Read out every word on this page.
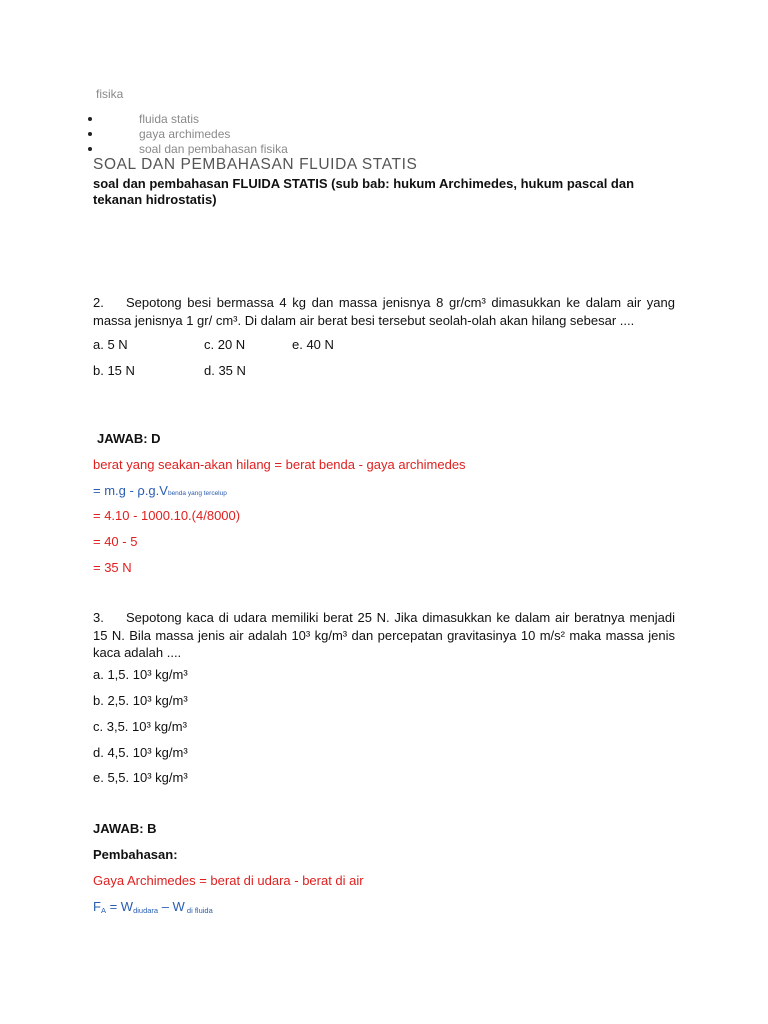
fisika
fluida statis
gaya archimedes
soal dan pembahasan fisika
SOAL DAN PEMBAHASAN FLUIDA STATIS
soal dan pembahasan FLUIDA STATIS (sub bab: hukum Archimedes, hukum pascal dan tekanan hidrostatis)
2. Sepotong besi bermassa 4 kg dan massa jenisnya 8 gr/cm³ dimasukkan ke dalam air yang massa jenisnya 1 gr/ cm³. Di dalam air berat besi tersebut seolah-olah akan hilang sebesar ....
a. 5 N	c. 20 N	e. 40 N
b. 15 N	d. 35 N
JAWAB: D
berat yang seakan-akan hilang = berat benda - gaya archimedes
= m.g - ρ.g.Vbenda yang tercelup
= 4.10 - 1000.10.(4/8000)
= 40 - 5
= 35 N
3. Sepotong kaca di udara memiliki berat 25 N. Jika dimasukkan ke dalam air beratnya menjadi 15 N. Bila massa jenis air adalah 10³ kg/m³ dan percepatan gravitasinya 10 m/s² maka massa jenis kaca adalah ....
a. 1,5. 10³ kg/m³
b. 2,5. 10³ kg/m³
c. 3,5. 10³ kg/m³
d. 4,5. 10³ kg/m³
e. 5,5. 10³ kg/m³
JAWAB: B
Pembahasan:
Gaya Archimedes = berat di udara - berat di air
$F_A = W_{diudara} - W$ $_{di fluida}$
